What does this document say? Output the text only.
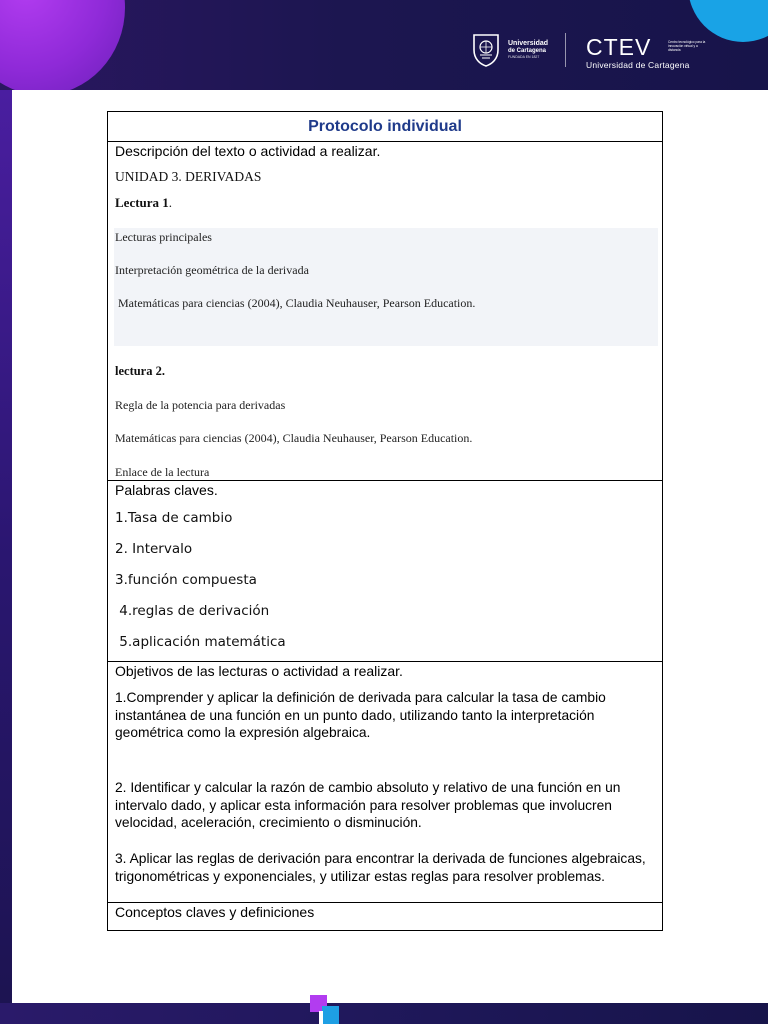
Universidad
de Cartagena
FUNDADA EN 1827	CTEV
Universidad de Cartagena
Centro tecnológico para la innovación virtual y a distancia
Protocolo individual
Descripción del texto o actividad a realizar.
UNIDAD 3. DERIVADAS
Lectura 1.
Lecturas principales
Interpretación geométrica de la derivada
Matemáticas para ciencias (2004), Claudia Neuhauser, Pearson Education.
lectura 2.
Regla de la potencia para derivadas
Matemáticas para ciencias (2004), Claudia Neuhauser, Pearson Education.
Enlace de la lectura
Palabras claves.
1.Tasa de cambio
2. Intervalo
3.función compuesta
4.reglas de derivación
5.aplicación matemática
Objetivos de las lecturas o actividad a realizar.
1.Comprender y aplicar la definición de derivada para calcular la tasa de cambio instantánea de una función en un punto dado, utilizando tanto la interpretación geométrica como la expresión algebraica.
2. Identificar y calcular la razón de cambio absoluto y relativo de una función en un intervalo dado, y aplicar esta información para resolver problemas que involucren velocidad, aceleración, crecimiento o disminución.
3. Aplicar las reglas de derivación para encontrar la derivada de funciones algebraicas, trigonométricas y exponenciales, y utilizar estas reglas para resolver problemas.
Conceptos claves y definiciones
